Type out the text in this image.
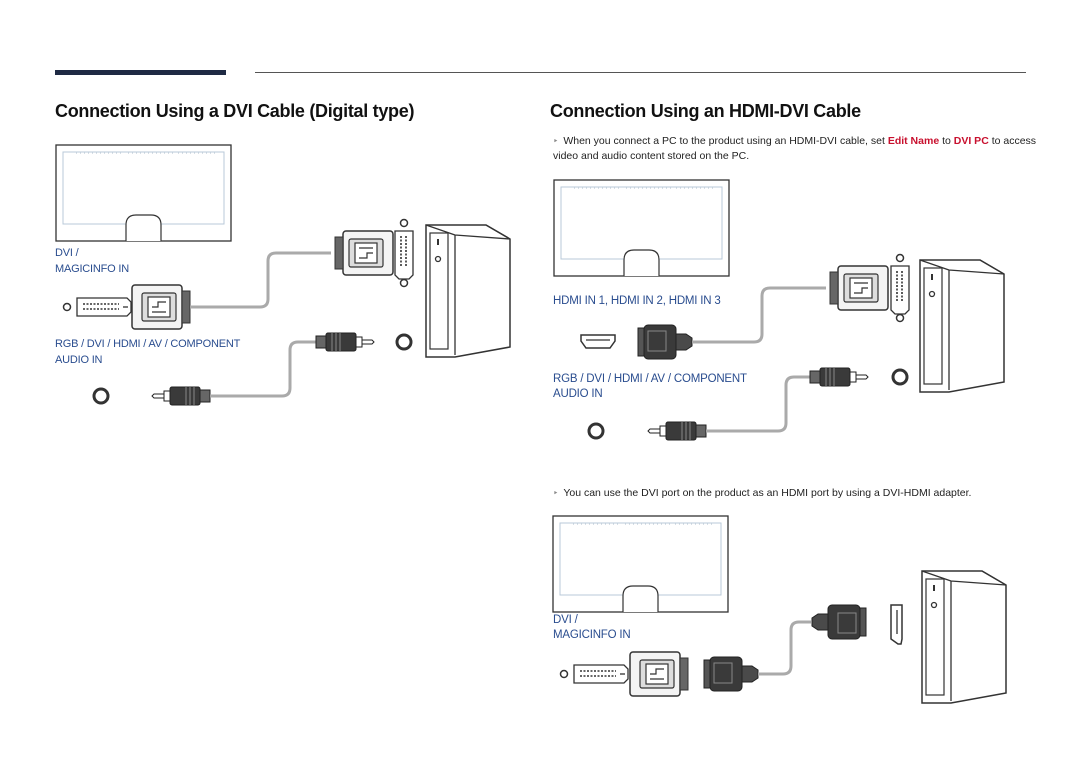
Connection Using a DVI Cable (Digital type)	Connection Using an HDMI-DVI Cable
DVI /
MAGICINFO IN
RGB / DVI / HDMI / AV / COMPONENT
AUDIO IN
‣ When you connect a PC to the product using an HDMI-DVI cable, set Edit Name to DVI PC to access video and audio content stored on the PC.
HDMI IN 1, HDMI IN 2, HDMI IN 3
RGB / DVI / HDMI / AV / COMPONENT
AUDIO IN
‣ You can use the DVI port on the product as an HDMI port by using a DVI-HDMI adapter.
DVI /
MAGICINFO IN
